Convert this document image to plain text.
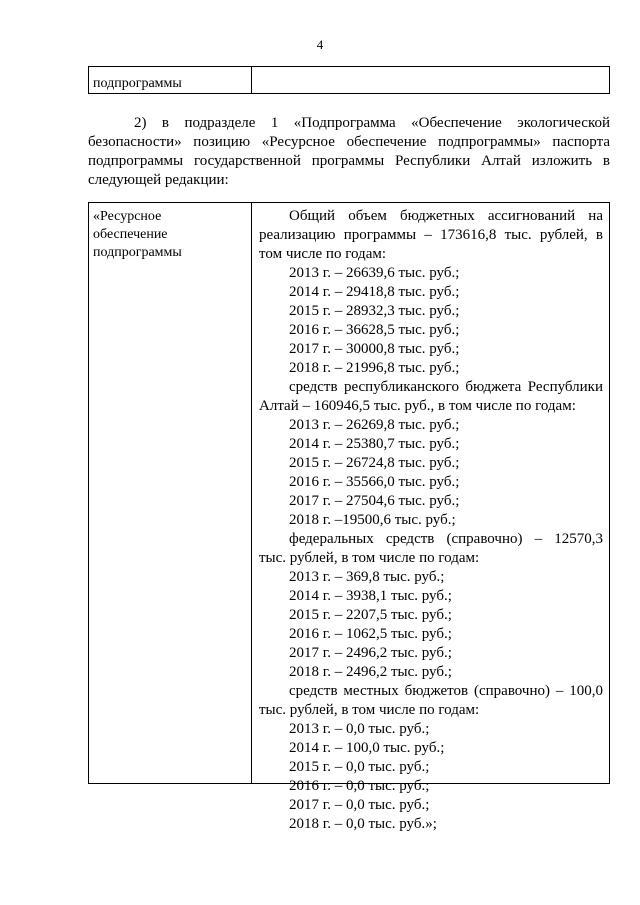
4
подпрограммы
2) в подразделе 1 «Подпрограмма «Обеспечение экологической
безопасности» позицию «Ресурсное обеспечение подпрограммы» паспорта
подпрограммы государственной программы Республики Алтай изложить в
следующей редакции:
«Ресурсное
обеспечение
подпрограммы
Общий объем бюджетных ассигнований на
реализацию программы – 173616,8 тыс. рублей, в
том числе по годам:
2013 г. – 26639,6 тыс. руб.;
2014 г. – 29418,8 тыс. руб.;
2015 г. – 28932,3 тыс. руб.;
2016 г. – 36628,5 тыс. руб.;
2017 г. – 30000,8 тыс. руб.;
2018 г. – 21996,8 тыс. руб.;
средств республиканского бюджета Республики
Алтай – 160946,5 тыс. руб., в том числе по годам:
2013 г. – 26269,8 тыс. руб.;
2014 г. – 25380,7 тыс. руб.;
2015 г. – 26724,8 тыс. руб.;
2016 г. – 35566,0 тыс. руб.;
2017 г. – 27504,6 тыс. руб.;
2018 г. –19500,6 тыс. руб.;
федеральных средств (справочно) – 12570,3
тыс. рублей, в том числе по годам:
2013 г. – 369,8 тыс. руб.;
2014 г. – 3938,1 тыс. руб.;
2015 г. – 2207,5 тыс. руб.;
2016 г. – 1062,5 тыс. руб.;
2017 г. – 2496,2 тыс. руб.;
2018 г. – 2496,2 тыс. руб.;
средств местных бюджетов (справочно) – 100,0
тыс. рублей, в том числе по годам:
2013 г. – 0,0 тыс. руб.;
2014 г. – 100,0 тыс. руб.;
2015 г. – 0,0 тыс. руб.;
2016 г. – 0,0 тыс. руб.;
2017 г. – 0,0 тыс. руб.;
2018 г. – 0,0 тыс. руб.»;
